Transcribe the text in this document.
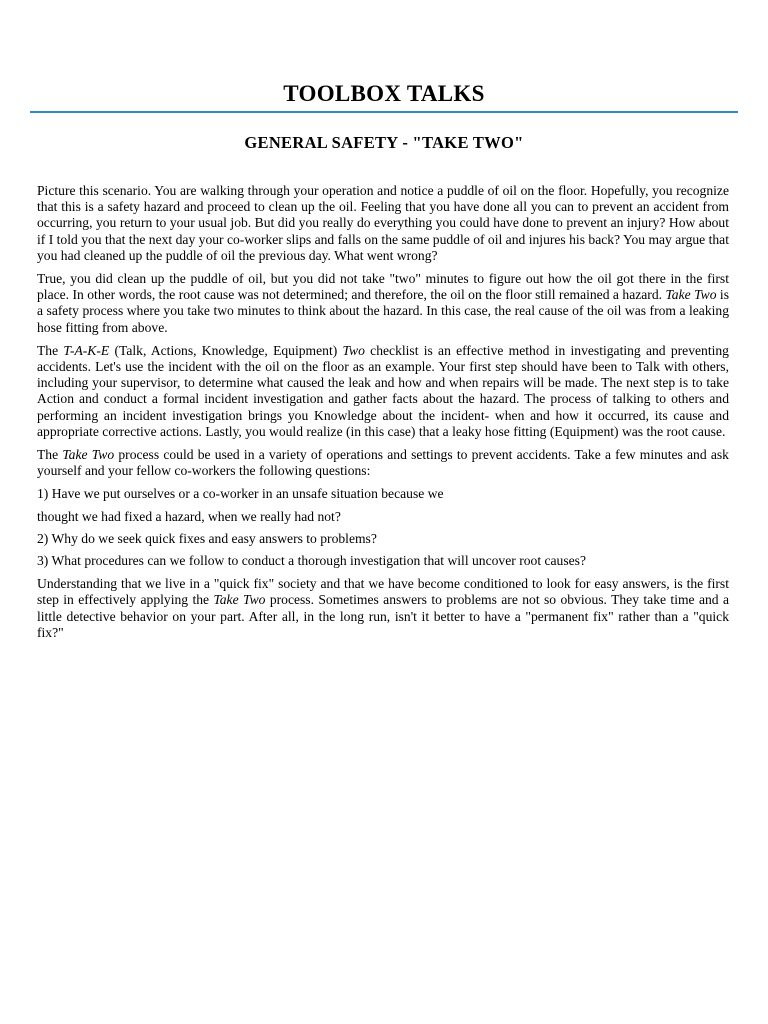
TOOLBOX TALKS
GENERAL SAFETY - "TAKE TWO"

Picture this scenario. You are walking through your operation and notice a puddle of oil on the floor. Hopefully, you recognize that this is a safety hazard and proceed to clean up the oil. Feeling that you have done all you can to prevent an accident from occurring, you return to your usual job. But did you really do everything you could have done to prevent an injury? How about if I told you that the next day your co-worker slips and falls on the same puddle of oil and injures his back? You may argue that you had cleaned up the puddle of oil the previous day. What went wrong?

True, you did clean up the puddle of oil, but you did not take "two" minutes to figure out how the oil got there in the first place. In other words, the root cause was not determined; and therefore, the oil on the floor still remained a hazard. Take Two is a safety process where you take two minutes to think about the hazard. In this case, the real cause of the oil was from a leaking hose fitting from above.

The T-A-K-E (Talk, Actions, Knowledge, Equipment) Two checklist is an effective method in investigating and preventing accidents. Let's use the incident with the oil on the floor as an example. Your first step should have been to Talk with others, including your supervisor, to determine what caused the leak and how and when repairs will be made. The next step is to take Action and conduct a formal incident investigation and gather facts about the hazard. The process of talking to others and performing an incident investigation brings you Knowledge about the incident- when and how it occurred, its cause and appropriate corrective actions. Lastly, you would realize (in this case) that a leaky hose fitting (Equipment) was the root cause.

The Take Two process could be used in a variety of operations and settings to prevent accidents. Take a few minutes and ask yourself and your fellow co-workers the following questions:

1) Have we put ourselves or a co-worker in an unsafe situation because we

thought we had fixed a hazard, when we really had not?

2) Why do we seek quick fixes and easy answers to problems?

3) What procedures can we follow to conduct a thorough investigation that will uncover root causes?

Understanding that we live in a "quick fix" society and that we have become conditioned to look for easy answers, is the first step in effectively applying the Take Two process. Sometimes answers to problems are not so obvious. They take time and a little detective behavior on your part. After all, in the long run, isn't it better to have a "permanent fix" rather than a "quick fix?"
